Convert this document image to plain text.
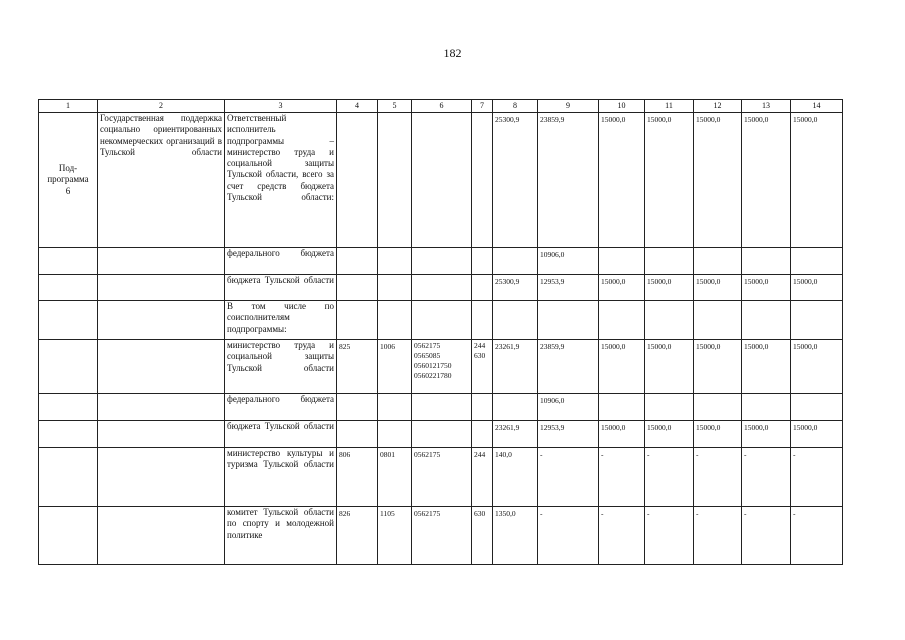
182
1	2	3	4	5	6	7	8	9	10	11	12	13	14
Под-
программа
6	Государственная поддержка социально ориентированных некоммерческих организаций в Тульской области	Ответственный исполнитель подпрограммы – министерство труда и социальной защиты Тульской области, всего за счет средств бюджета Тульской области:					25300,9	23859,9	15000,0	15000,0	15000,0	15000,0	15000,0
		федерального бюджета						10906,0					
		бюджета Тульской области					25300,9	12953,9	15000,0	15000,0	15000,0	15000,0	15000,0
		В том числе по соисполнителям подпрограммы:											
		министерство труда и социальной защиты Тульской области	825	1006	0562175
0565085
0560121750
0560221780	244
630	23261,9	23859,9	15000,0	15000,0	15000,0	15000,0	15000,0
		федерального бюджета						10906,0					
		бюджета Тульской области					23261,9	12953,9	15000,0	15000,0	15000,0	15000,0	15000,0
		министерство культуры и туризма Тульской области	806	0801	0562175	244	140,0	-	-	-	-	-	-
		комитет Тульской области по спорту и молодежной политике	826	1105	0562175	630	1350,0	-	-	-	-	-	-
